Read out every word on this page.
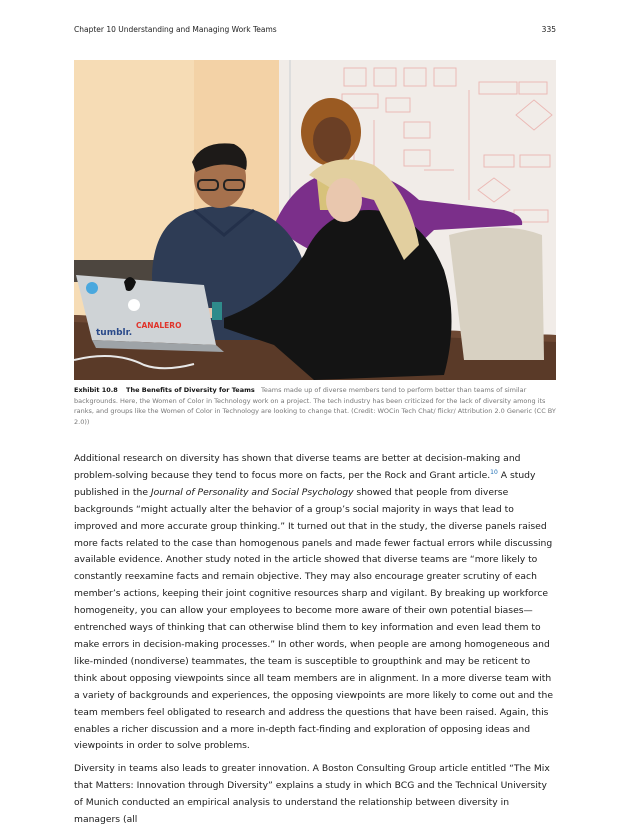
Chapter 10 Understanding and Managing Work Teams	335
tumblr.
CANALERO
Exhibit 10.8 The Benefits of Diversity for Teams Teams made up of diverse members tend to perform better than teams of similar backgrounds. Here, the Women of Color in Technology work on a project. The tech industry has been criticized for the lack of diversity among its ranks, and groups like the Women of Color in Technology are looking to change that. (Credit: WOCin Tech Chat/ flickr/ Attribution 2.0 Generic (CC BY 2.0))

Additional research on diversity has shown that diverse teams are better at decision-making and problem-solving because they tend to focus more on facts, per the Rock and Grant article.$^{10}$ A study published in the Journal of Personality and Social Psychology showed that people from diverse backgrounds “might actually alter the behavior of a group’s social majority in ways that lead to improved and more accurate group thinking.” It turned out that in the study, the diverse panels raised more facts related to the case than homogenous panels and made fewer factual errors while discussing available evidence. Another study noted in the article showed that diverse teams are “more likely to constantly reexamine facts and remain objective. They may also encourage greater scrutiny of each member’s actions, keeping their joint cognitive resources sharp and vigilant. By breaking up workforce homogeneity, you can allow your employees to become more aware of their own potential biases—entrenched ways of thinking that can otherwise blind them to key information and even lead them to make errors in decision-making processes.” In other words, when people are among homogeneous and like-minded (nondiverse) teammates, the team is susceptible to groupthink and may be reticent to think about opposing viewpoints since all team members are in alignment. In a more diverse team with a variety of backgrounds and experiences, the opposing viewpoints are more likely to come out and the team members feel obligated to research and address the questions that have been raised. Again, this enables a richer discussion and a more in-depth fact-finding and exploration of opposing ideas and viewpoints in order to solve problems.

Diversity in teams also leads to greater innovation. A Boston Consulting Group article entitled “The Mix that Matters: Innovation through Diversity” explains a study in which BCG and the Technical University of Munich conducted an empirical analysis to understand the relationship between diversity in managers (all
